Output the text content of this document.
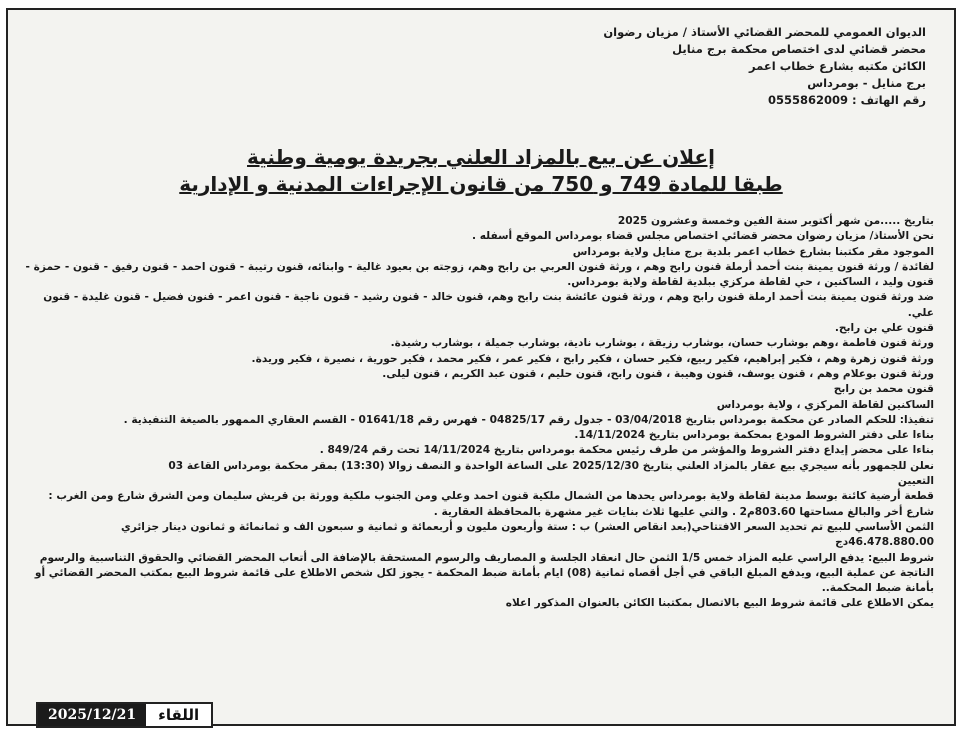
الديوان العمومي للمحضر القضائي الأستاذ / مزيان رضوان
محضر قضائي لدى اختصاص محكمة برج منايل
الكائن مكتبه بشارع خطاب اعمر
برج منايل - بومرداس
رقم الهاتف : 0555862009
إعلان عن بيع بالمزاد العلني بجريدة يومية وطنية
طبقا للمادة 749 و 750 من قانون الإجراءات المدنية و الإدارية

بتاريخ .....من شهر أكتوبر سنة الفين وخمسة وعشرون 2025

نحن الأستاذ/ مزيان رضوان محضر قضائي اختصاص مجلس قضاء بومرداس الموقع أسفله .

الموجود مقر مكتبنا بشارع خطاب اعمر بلدية برج منايل ولاية بومرداس

لفائدة / ورثة قنون يمينة بنت أحمد أرملة قنون رابح وهم ، ورثة قنون العربي بن رابح وهم، زوجته بن بعيود غالية - وابنائه، قنون رتيبة - قنون احمد - قنون رفيق - قنون - حمزة - قنون وليد ، الساكنين ، حي لقاطة مركزي ببلدية لقاطة ولاية بومرداس.

ضد ورثة قنون يمينة بنت أحمد ارملة قنون رابح وهم ، ورثة قنون عائشة بنت رابح وهم، قنون خالد - قنون رشيد - قنون ناجية - قنون اعمر - قنون فضيل - قنون غليدة - قنون علي.

قنون علي بن رابح.

ورثة قنون فاطمة ،وهم بوشارب حسان، بوشارب رزيقة ، بوشارب نادية، بوشارب جميلة ، بوشارب رشيدة.

ورثة قنون زهرة وهم ، فكير إبراهيم، فكير ربيع، فكير حسان ، فكير رابح ، فكير عمر ، فكير محمد ، فكير حورية ، نصيرة ، فكير وريدة.

ورثة قنون بوعلام وهم ، قنون يوسف، قنون وهيبة ، قنون رابح، قنون حليم ، قنون عبد الكريم ، قنون ليلى.

قنون محمد بن رابح

الساكنين لقاطة المركزي ، ولاية بومرداس

تنفيذا: للحكم الصادر عن محكمة بومرداس بتاريخ 03/04/2018 - جدول رقم 04825/17 - فهرس رقم 01641/18 - القسم العقاري الممهور بالصيغة التنفيذية .

بناءا على دفتر الشروط المودع بمحكمة بومرداس بتاريخ 14/11/2024.

بناءا على محضر إيداع دفتر الشروط والمؤشر من طرف رئيس محكمة بومرداس بتاريخ 14/11/2024 تحت رقم 849/24 .

نعلن للجمهور بأنه سيجري بيع عقار بالمزاد العلني بتاريخ 2025/12/30 على الساعة الواحدة و النصف زوالا (13:30) بمقر محكمة بومرداس القاعة 03

التعيين

قطعة أرضية كائنة بوسط مدينة لقاطة ولاية بومرداس يحدها من الشمال ملكية قنون احمد وعلي ومن الجنوب ملكية وورثة بن قريش سليمان ومن الشرق شارع ومن الغرب : شارع أخر والبالغ مساحتها 803.60م2 . والتي عليها ثلاث بنايات غير مشهرة بالمحافظة العقارية .

الثمن الأساسي للبيع تم تحديد السعر الافتتاحي(بعد انقاص العشر) ب : ستة وأربعون مليون و أربعمائة و ثمانية و سبعون الف و ثمانمائة و ثمانون دينار جزائري 46.478.880.00دج

شروط البيع: يدفع الراسي عليه المزاد خمس 1/5 الثمن حال انعقاد الجلسة و المصاريف والرسوم المستحقة بالإضافة الى أتعاب المحضر القضائي والحقوق التناسبية والرسوم الناتجة عن عملية البيع، ويدفع المبلغ الباقي في أجل أقصاه ثمانية (08) ايام بأمانة ضبط المحكمة - يجوز لكل شخص الاطلاع على قائمة شروط البيع بمكتب المحضر القضائي أو بأمانة ضبط المحكمة..

يمكن الاطلاع على قائمة شروط البيع بالاتصال بمكتبنا الكائن بالعنوان المذكور اعلاه

2025/12/21	اللقاء
